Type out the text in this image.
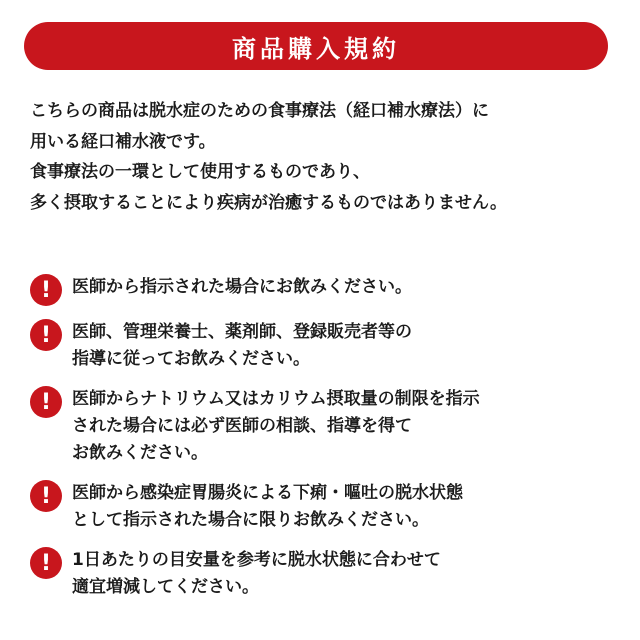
商品購入規約
こちらの商品は脱水症のための食事療法（経口補水療法）に
用いる経口補水液です。
食事療法の一環として使用するものであり、
多く摂取することにより疾病が治癒するものではありません。
!	医師から指示された場合にお飲みください。
!	医師、管理栄養士、薬剤師、登録販売者等の
指導に従ってお飲みください。
!	医師からナトリウム又はカリウム摂取量の制限を指示
された場合には必ず医師の相談、指導を得て
お飲みください。
!	医師から感染症胃腸炎による下痢・嘔吐の脱水状態
として指示された場合に限りお飲みください。
!	1日あたりの目安量を参考に脱水状態に合わせて
適宜増減してください。
